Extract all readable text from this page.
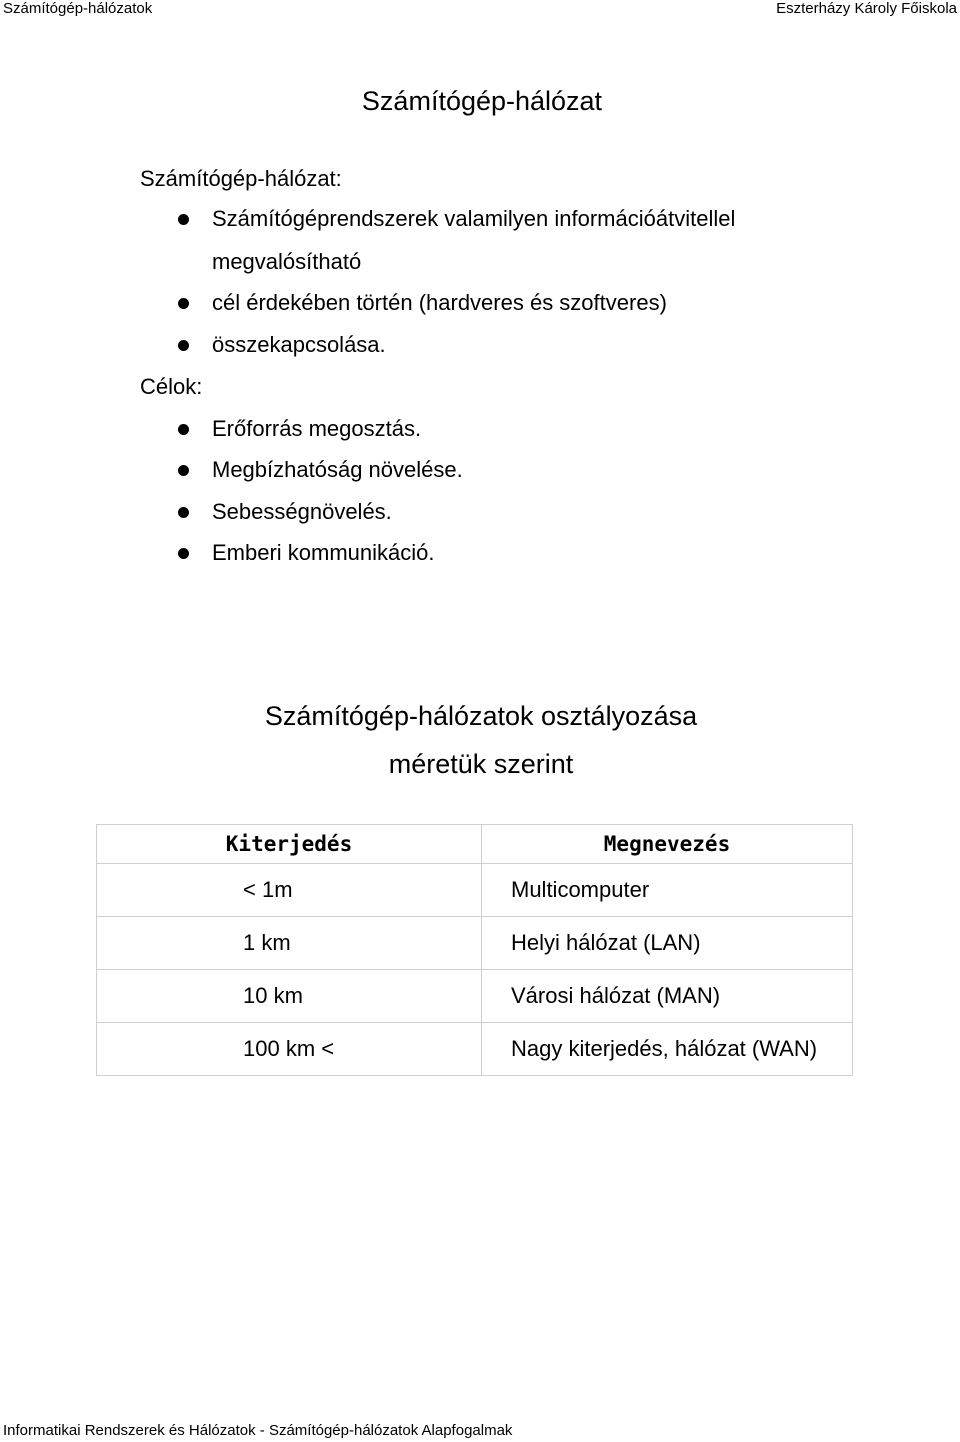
Számítógép-hálózatok	Eszterházy Károly Főiskola
Számítógép-hálózat
Számítógép-hálózat:
Számítógéprendszerek valamilyen információátvitellel
megvalósítható
cél érdekében történ (hardveres és szoftveres)
összekapcsolása.
Célok:
Erőforrás megosztás.
Megbízhatóság növelése.
Sebességnövelés.
Emberi kommunikáció.
Számítógép-hálózatok osztályozása
méretük szerint
Kiterjedés	Megnevezés
< 1m	Multicomputer
1 km	Helyi hálózat (LAN)
10 km	Városi hálózat (MAN)
100 km <	Nagy kiterjedés, hálózat (WAN)
Informatikai Rendszerek és Hálózatok - Számítógép-hálózatok Alapfogalmak
